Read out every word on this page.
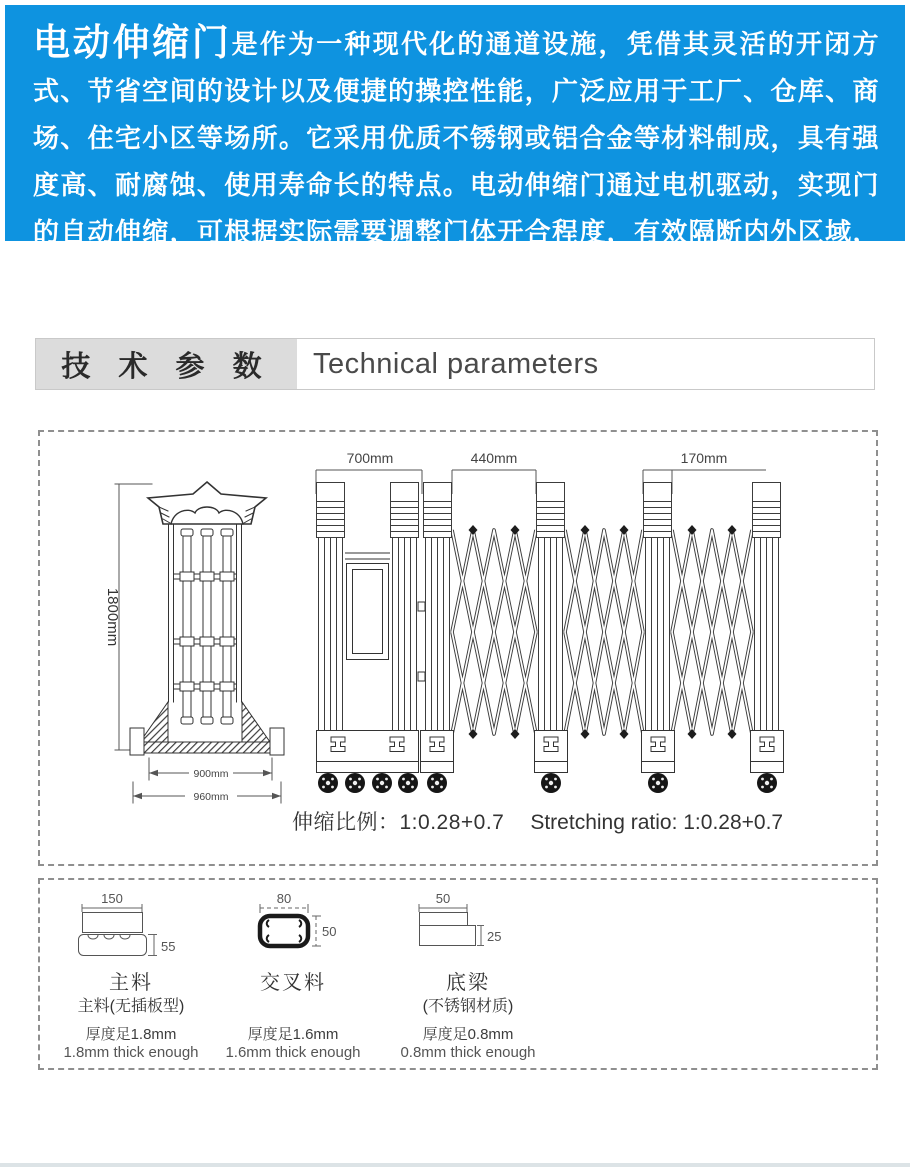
电动伸缩门是作为一种现代化的通道设施，凭借其灵活的开闭方式、节省空间的设计以及便捷的操控性能，广泛应用于工厂、仓库、商场、住宅小区等场所。它采用优质不锈钢或铝合金等材料制成，具有强度高、耐腐蚀、使用寿命长的特点。电动伸缩门通过电机驱动，实现门的自动伸缩，可根据实际需要调整门体开合程度，有效隔断内外区域，保障安全。

技 术 参 数	Technical parameters
1800mm
900mm
960mm
700mm	440mm	170mm
伸缩比例：1:0.28+0.7 Stretching ratio: 1:0.28+0.7
150
55
主料
主料(无插板型)
厚度足1.8mm
1.8mm thick enough
80
50
交叉料
厚度足1.6mm
1.6mm thick enough
50
25
底梁
(不锈钢材质)
厚度足0.8mm
0.8mm thick enough
